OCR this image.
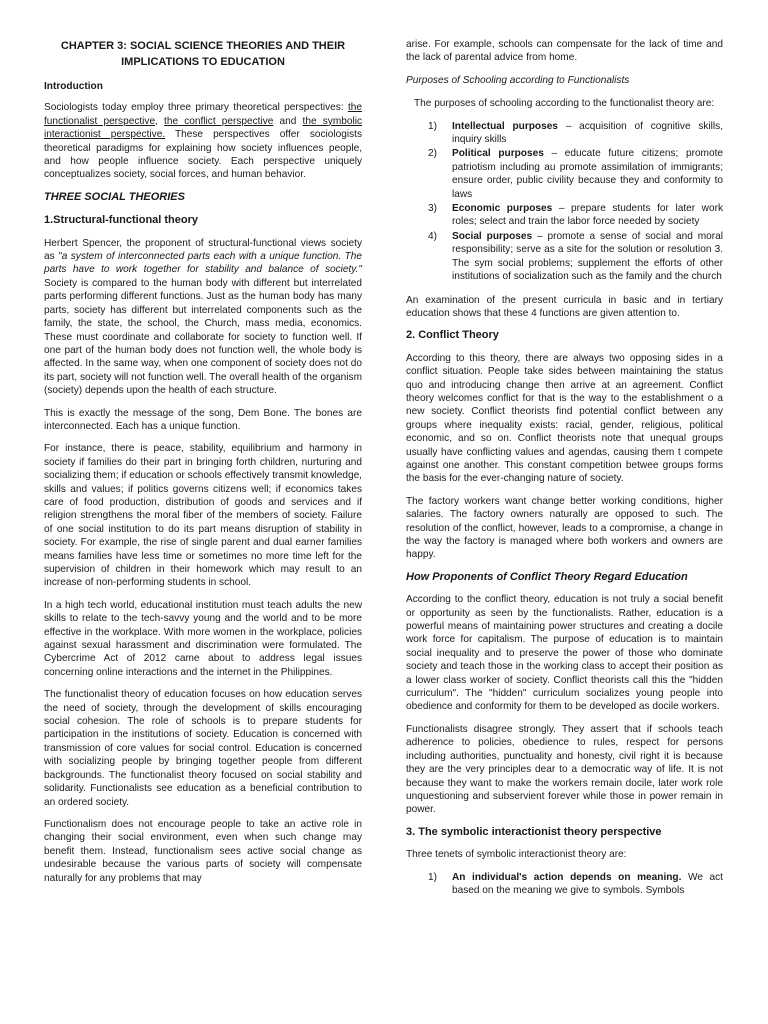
CHAPTER 3: SOCIAL SCIENCE THEORIES AND THEIR IMPLICATIONS TO EDUCATION
Introduction

Sociologists today employ three primary theoretical perspectives: the functionalist perspective, the conflict perspective and the symbolic interactionist perspective. These perspectives offer sociologists theoretical paradigms for explaining how society influences people, and how people influence society. Each perspective uniquely conceptualizes society, social forces, and human behavior.

THREE SOCIAL THEORIES
1.Structural-functional theory

Herbert Spencer, the proponent of structural-functional views society as "a system of interconnected parts each with a unique function. The parts have to work together for stability and balance of society." Society is compared to the human body with different but interrelated parts performing different functions. Just as the human body has many parts, society has different but interrelated components such as the family, the state, the school, the Church, mass media, economics. These must coordinate and collaborate for society to function well. If one part of the human body does not function well, the whole body is affected. In the same way, when one component of society does not do its part, society will not function well. The overall health of the organism (society) depends upon the health of each structure.

This is exactly the message of the song, Dem Bone. The bones are interconnected. Each has a unique function.

For instance, there is peace, stability, equilibrium and harmony in society if families do their part in bringing forth children, nurturing and socializing them; if education or schools effectively transmit knowledge, skills and values; if politics governs citizens well; if economics takes care of food production, distribution of goods and services and if religion strengthens the moral fiber of the members of society. Failure of one social institution to do its part means disruption of stability in society. For example, the rise of single parent and dual earner families means families have less time or sometimes no more time left for the supervision of children in their homework which may result to an increase of non-performing students in school.

In a high tech world, educational institution must teach adults the new skills to relate to the tech-savvy young and the world and to be more effective in the workplace. With more women in the workplace, policies against sexual harassment and discrimination were formulated. The Cybercrime Act of 2012 came about to address legal issues concerning online interactions and the internet in the Philippines.

The functionalist theory of education focuses on how education serves the need of society, through the development of skills encouraging social cohesion. The role of schools is to prepare students for participation in the institutions of society. Education is concerned with transmission of core values for social control. Education is concerned with socializing people by bringing together people from different backgrounds. The functionalist theory focused on social stability and solidarity. Functionalists see education as a beneficial contribution to an ordered society.

Functionalism does not encourage people to take an active role in changing their social environment, even when such change may benefit them. Instead, functionalism sees active social change as undesirable because the various parts of society will compensate naturally for any problems that may

arise. For example, schools can compensate for the lack of time and the lack of parental advice from home.

Purposes of Schooling according to Functionalists

The purposes of schooling according to the functionalist theory are:

1) Intellectual purposes – acquisition of cognitive skills, inquiry skills
2) Political purposes – educate future citizens; promote patriotism including au promote assimilation of immigrants; ensure order, public civility because they and conformity to laws
3) Economic purposes – prepare students for later work roles; select and train the labor force needed by society
4) Social purposes – promote a sense of social and moral responsibility; serve as a site for the solution or resolution 3. The sym social problems; supplement the efforts of other institutions of socialization such as the family and the church

An examination of the present curricula in basic and in tertiary education shows that these 4 functions are given attention to.

2. Conflict Theory

According to this theory, there are always two opposing sides in a conflict situation. People take sides between maintaining the status quo and introducing change then arrive at an agreement. Conflict theory welcomes conflict for that is the way to the establishment o a new society. Conflict theorists find potential conflict between any groups where inequality exists: racial, gender, religious, political economic, and so on. Conflict theorists note that unequal groups usually have conflicting values and agendas, causing them t compete against one another. This constant competition betwee groups forms the basis for the ever-changing nature of society.

The factory workers want change better working conditions, higher salaries. The factory owners naturally are opposed to such. The resolution of the conflict, however, leads to a compromise, a change in the way the factory is managed where both workers and owners are happy.

How Proponents of Conflict Theory Regard Education

According to the conflict theory, education is not truly a social benefit or opportunity as seen by the functionalists. Rather, education is a powerful means of maintaining power structures and creating a docile work force for capitalism. The purpose of education is to maintain social inequality and to preserve the power of those who dominate society and teach those in the working class to accept their position as a lower class worker of society. Conflict theorists call this the "hidden curriculum". The "hidden" curriculum socializes young people into obedience and conformity for them to be developed as docile workers.

Functionalists disagree strongly. They assert that if schools teach adherence to policies, obedience to rules, respect for persons including authorities, punctuality and honesty, civil right it is because they are the very principles dear to a democratic way of life. It is not because they want to make the workers remain docile, later work role unquestioning and subservient forever while those in power remain in power.

3. The symbolic interactionist theory perspective

Three tenets of symbolic interactionist theory are:

1) An individual's action depends on meaning. We act based on the meaning we give to symbols. Symbols
